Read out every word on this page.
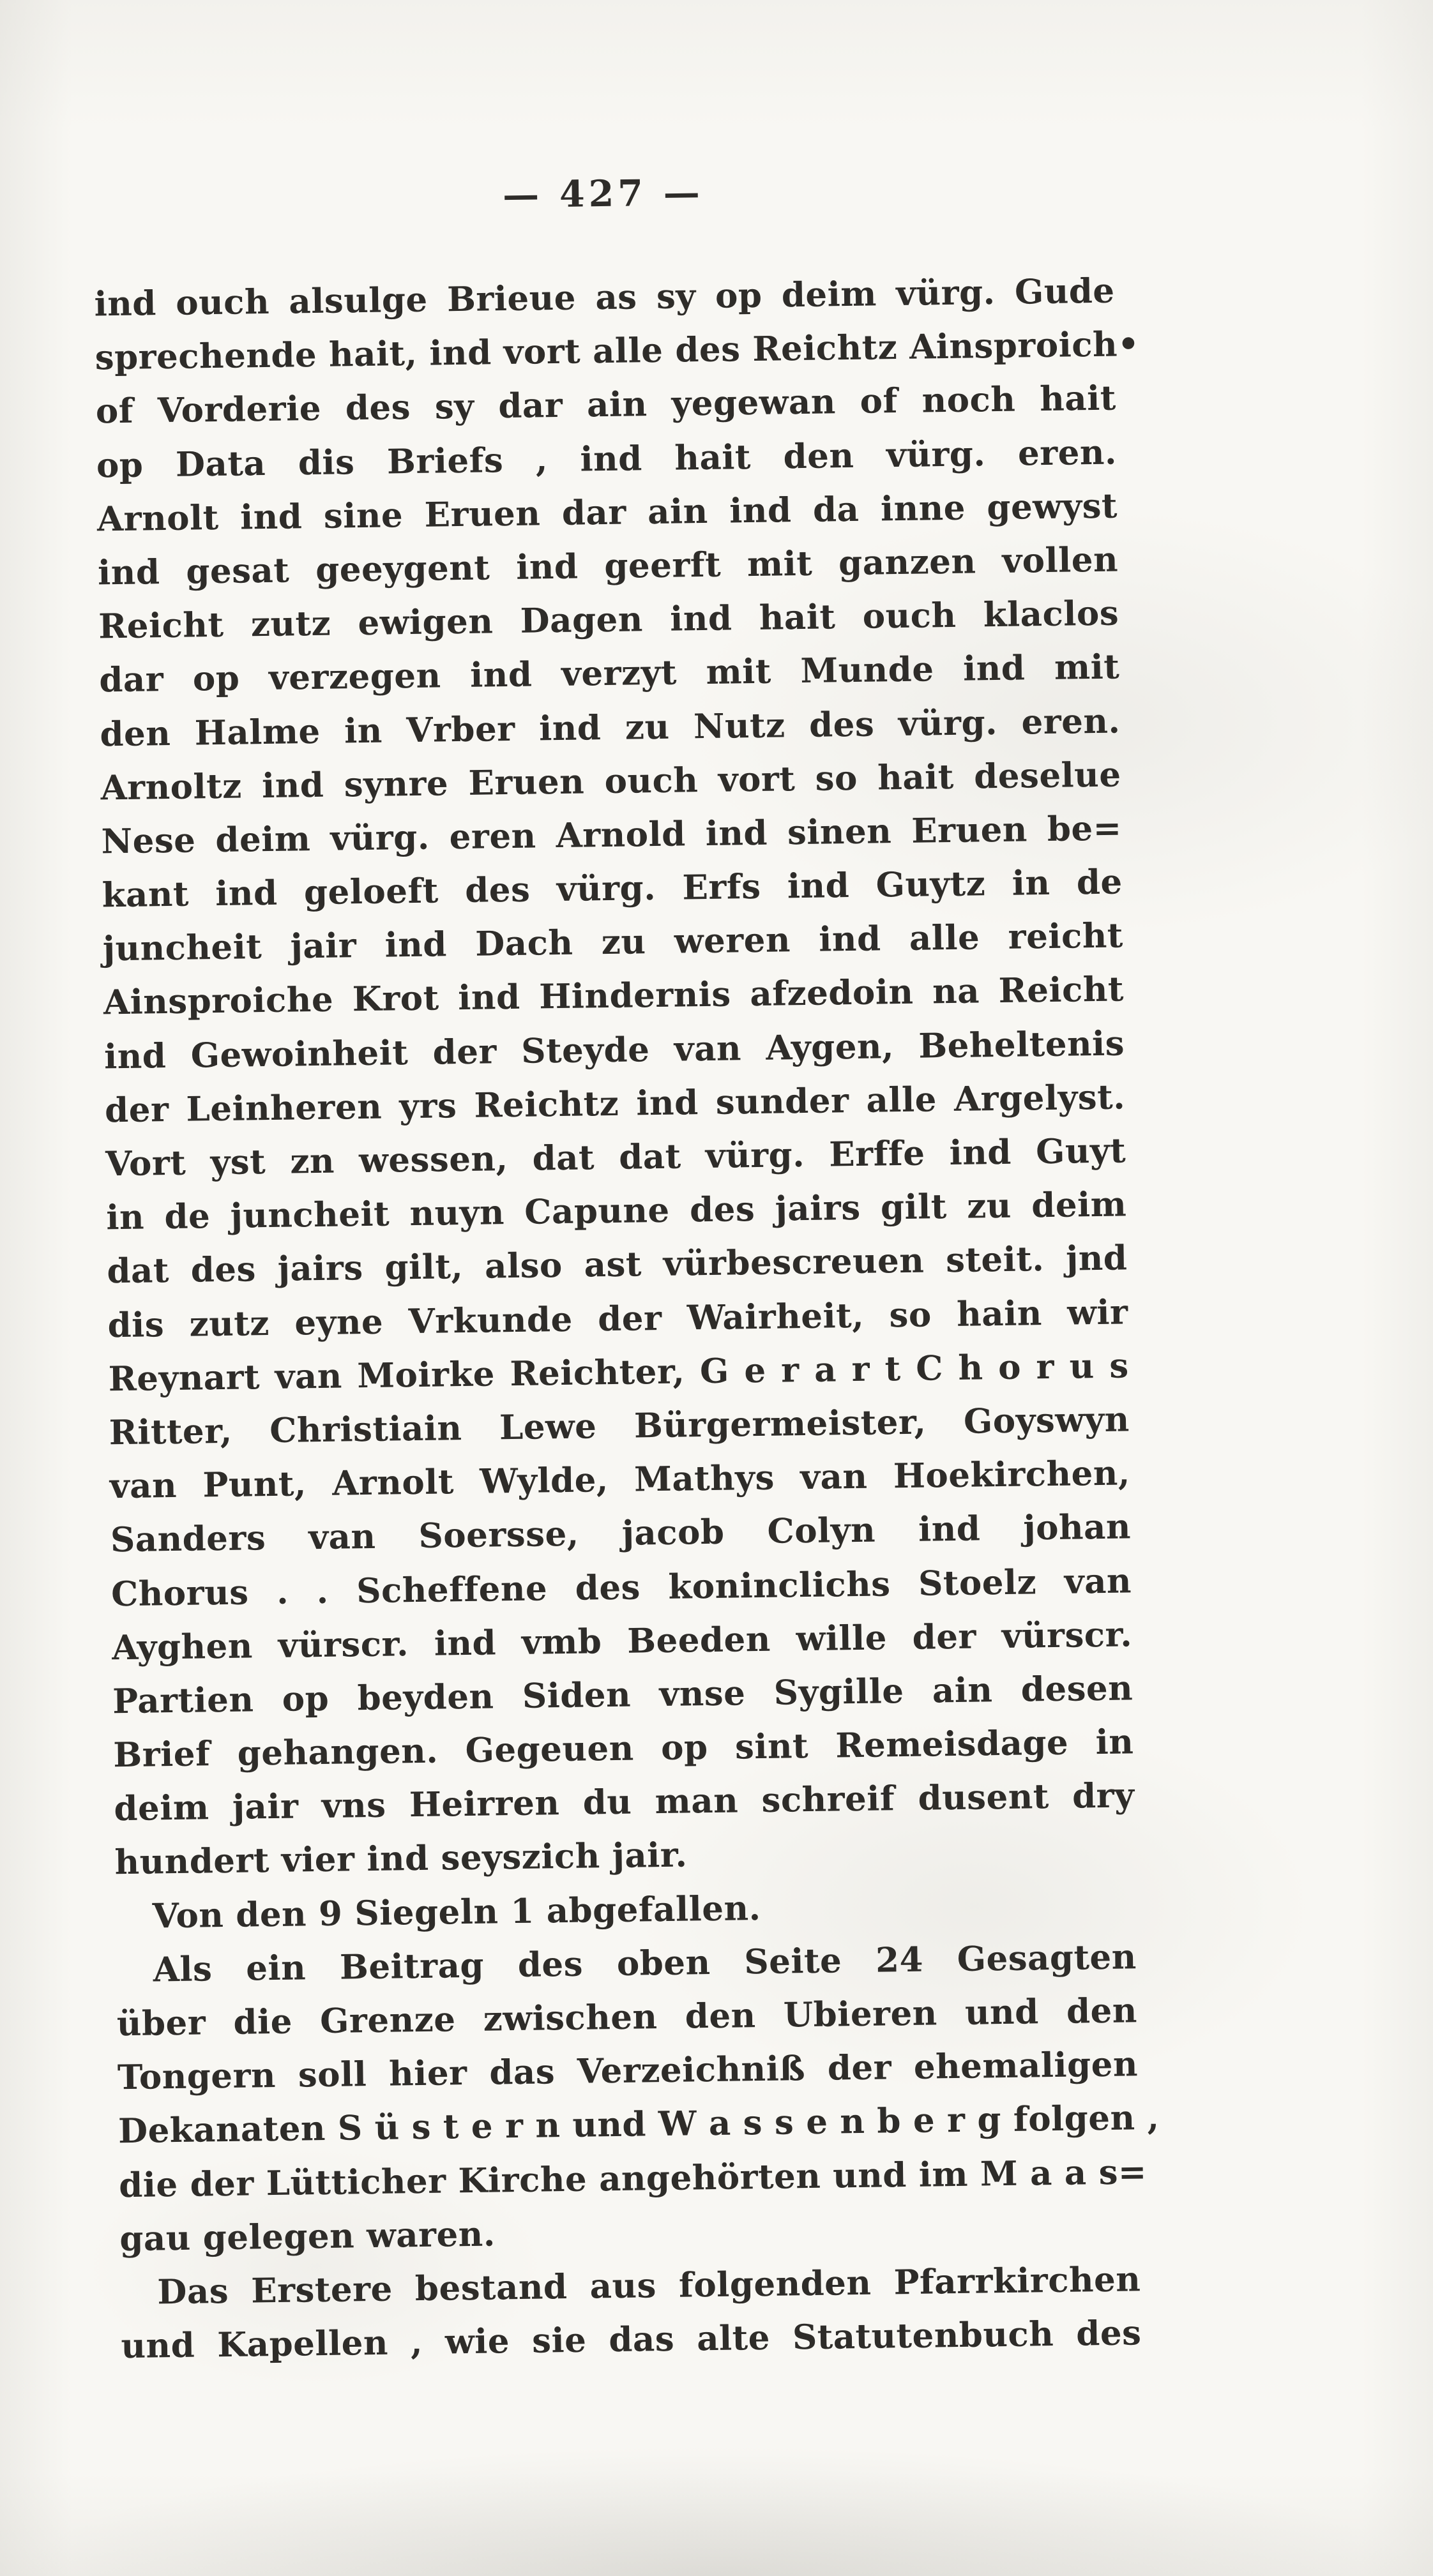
— 427 —
ind ouch alsulge Brieue as sy op deim vürg. Gude
sprechende hait, ind vort alle des Reichtz Ainsproich•
of Vorderie des sy dar ain yegewan of noch hait
op Data dis Briefs , ind hait den vürg. eren.
Arnolt ind sine Eruen dar ain ind da inne gewyst
ind gesat geeygent ind geerft mit ganzen vollen
Reicht zutz ewigen Dagen ind hait ouch klaclos
dar op verzegen ind verzyt mit Munde ind mit
den Halme in Vrber ind zu Nutz des vürg. eren.
Arnoltz ind synre Eruen ouch vort so hait deselue
Nese deim vürg. eren Arnold ind sinen Eruen be=
kant ind geloeft des vürg. Erfs ind Guytz in de
juncheit jair ind Dach zu weren ind alle reicht
Ainsproiche Krot ind Hindernis afzedoin na Reicht
ind Gewoinheit der Steyde van Aygen, Beheltenis
der Leinheren yrs Reichtz ind sunder alle Argelyst.
Vort yst zn wessen, dat dat vürg. Erffe ind Guyt
in de juncheit nuyn Capune des jairs gilt zu deim
dat des jairs gilt, also ast vürbescreuen steit. jnd
dis zutz eyne Vrkunde der Wairheit, so hain wir
Reynart van Moirke Reichter, G e r a r t C h o r u s
Ritter, Christiain Lewe Bürgermeister, Goyswyn
van Punt, Arnolt Wylde, Mathys van Hoekirchen,
Sanders van Soersse, jacob Colyn ind johan
Chorus . . Scheffene des koninclichs Stoelz van
Ayghen vürscr. ind vmb Beeden wille der vürscr.
Partien op beyden Siden vnse Sygille ain desen
Brief gehangen. Gegeuen op sint Remeisdage in
deim jair vns Heirren du man schreif dusent dry
hundert vier ind seyszich jair.
Von den 9 Siegeln 1 abgefallen.
Als ein Beitrag des oben Seite 24 Gesagten
über die Grenze zwischen den Ubieren und den
Tongern soll hier das Verzeichniß der ehemaligen
Dekanaten S ü s t e r n und W a s s e n b e r g folgen ,
die der Lütticher Kirche angehörten und im M a a s=
gau gelegen waren.
Das Erstere bestand aus folgenden Pfarrkirchen
und Kapellen , wie sie das alte Statutenbuch des
